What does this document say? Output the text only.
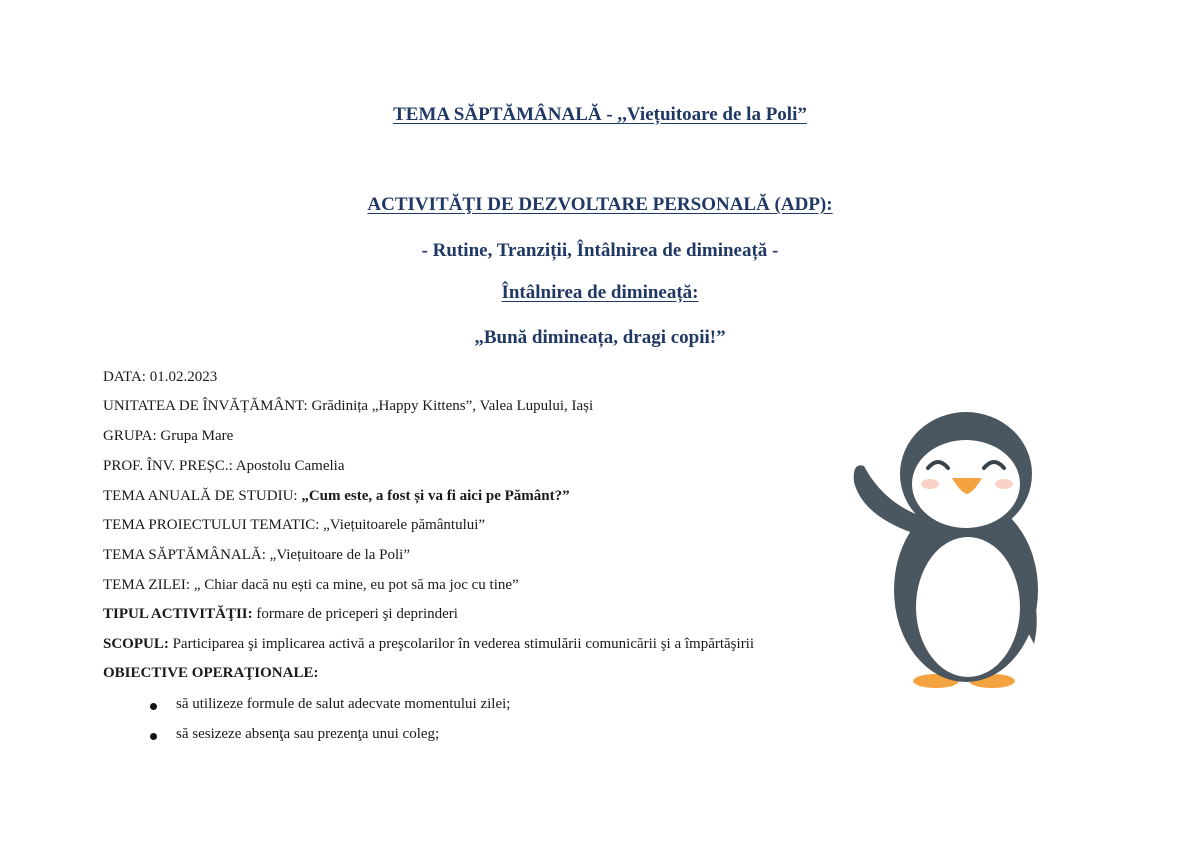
TEMA SĂPTĂMÂNALĂ - ,,Viețuitoare de la Poli”
ACTIVITĂŢI DE DEZVOLTARE PERSONALĂ (ADP):
- Rutine, Tranziții, Întâlnirea de dimineață -
Întâlnirea de dimineață:
„Bună dimineața, dragi copii!”
DATA: 01.02.2023
UNITATEA DE ÎNVĂȚĂMÂNT: Grădinița „Happy Kittens”, Valea Lupului, Iași
GRUPA: Grupa Mare
PROF. ÎNV. PREȘC.: Apostolu Camelia
TEMA ANUALĂ DE STUDIU: „Cum este, a fost și va fi aici pe Pământ?”
TEMA PROIECTULUI TEMATIC: „Viețuitoarele pământului”
TEMA SĂPTĂMÂNALĂ: „Viețuitoare de la Poli”
TEMA ZILEI: „ Chiar dacă nu ești ca mine, eu pot să ma joc cu tine”
TIPUL ACTIVITĂŢII: formare de priceperi şi deprinderi
SCOPUL: Participarea şi implicarea activă a preşcolarilor în vederea stimulării comunicării şi a împărtăşirii
OBIECTIVE OPERAŢIONALE:
să utilizeze formule de salut adecvate momentului zilei;
să sesizeze absenţa sau prezenţa unui coleg;
